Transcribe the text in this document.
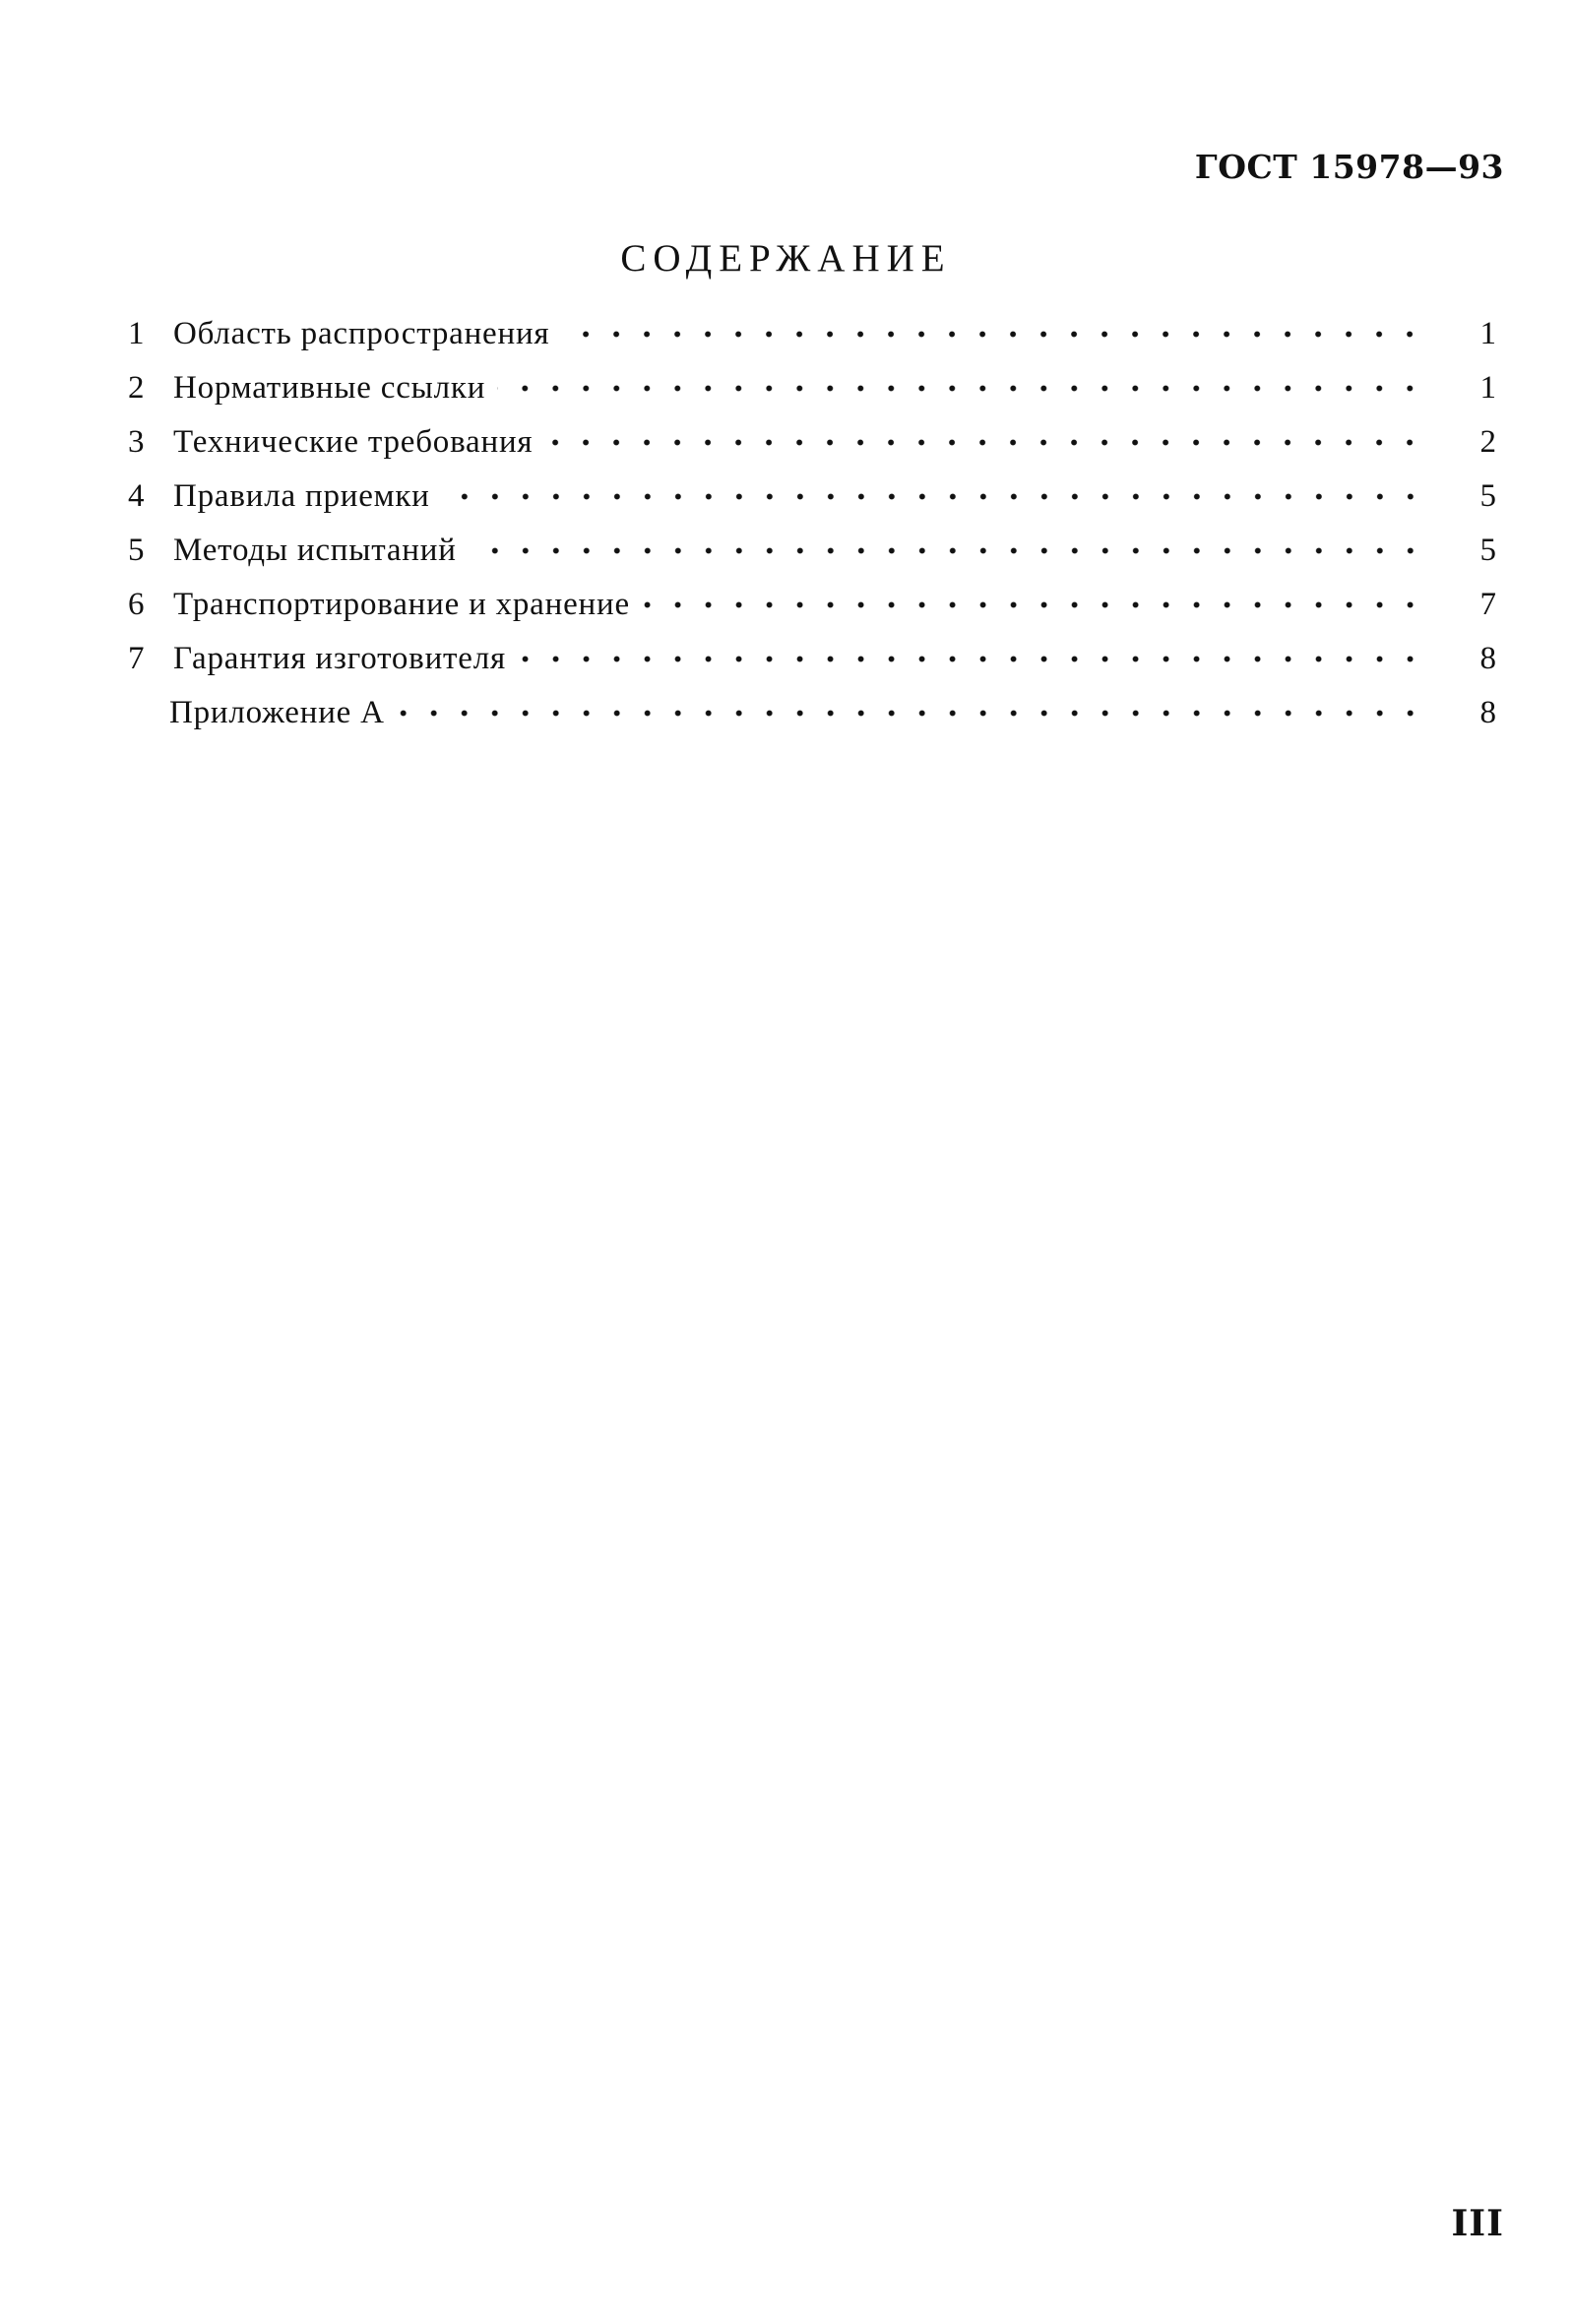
ГОСТ 15978—93
СОДЕРЖАНИЕ
1 Область распространения	1
2 Нормативные ссылки	1
3 Технические требования	2
4 Правила приемки	5
5 Методы испытаний	5
6 Транспортирование и хранение	7
7 Гарантия изготовителя	8
Приложение А	8
III
